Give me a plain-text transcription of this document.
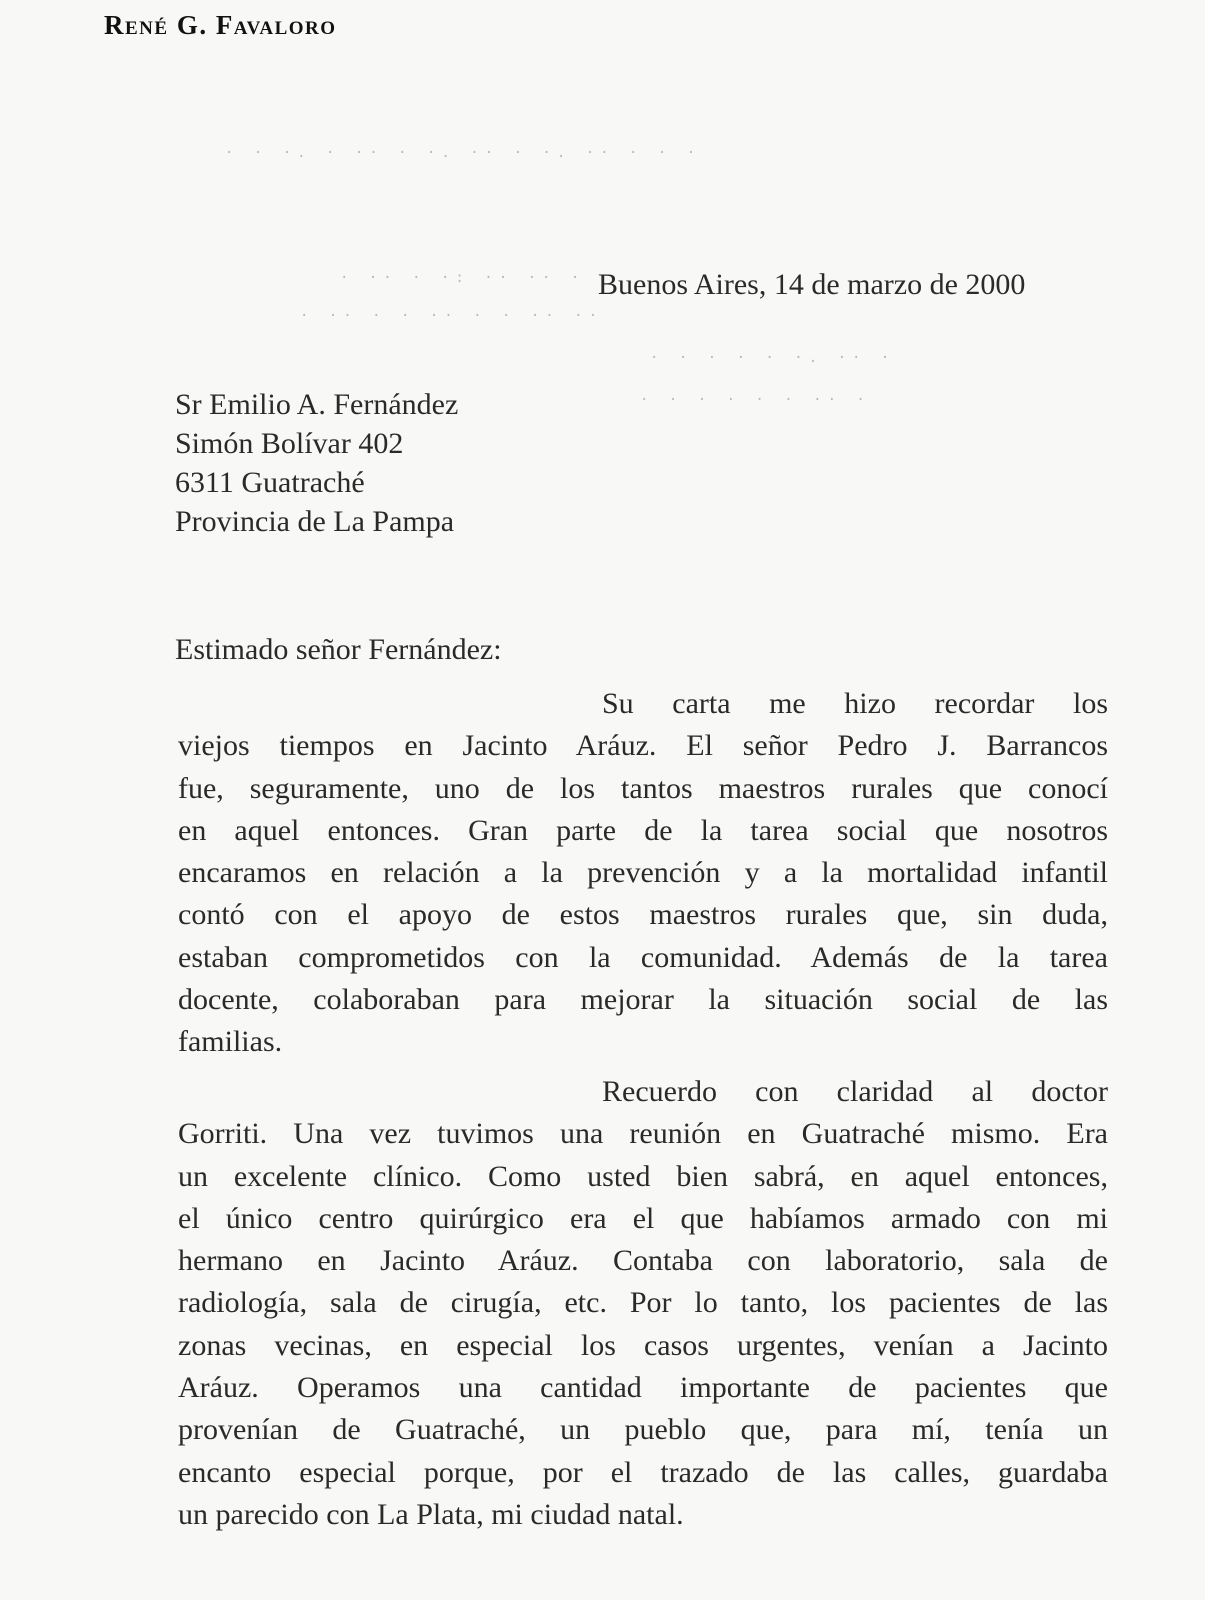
· · ·. · ·· · ·. ·· · ·. ·· · · ·
· ·· · ·: ·· ·· ·
· ·· · · ·· · · ·· ··
· · · · · ·. ·· ·
· · · · · · ·· ·
René G. Favaloro
Buenos Aires, 14 de marzo de 2000
Sr Emilio A. Fernández
Simón Bolívar 402
6311 Guatraché
Provincia de La Pampa
Estimado señor Fernández:
Su carta me hizo recordar los
viejos tiempos en Jacinto Aráuz. El señor Pedro J. Barrancos
fue, seguramente, uno de los tantos maestros rurales que conocí
en aquel entonces. Gran parte de la tarea social que nosotros
encaramos en relación a la prevención y a la mortalidad infantil
contó con el apoyo de estos maestros rurales que, sin duda,
estaban comprometidos con la comunidad. Además de la tarea
docente, colaboraban para mejorar la situación social de las
familias.
Recuerdo con claridad al doctor
Gorriti. Una vez tuvimos una reunión en Guatraché mismo. Era
un excelente clínico. Como usted bien sabrá, en aquel entonces,
el único centro quirúrgico era el que habíamos armado con mi
hermano en Jacinto Aráuz. Contaba con laboratorio, sala de
radiología, sala de cirugía, etc. Por lo tanto, los pacientes de las
zonas vecinas, en especial los casos urgentes, venían a Jacinto
Aráuz. Operamos una cantidad importante de pacientes que
provenían de Guatraché, un pueblo que, para mí, tenía un
encanto especial porque, por el trazado de las calles, guardaba
un parecido con La Plata, mi ciudad natal.
